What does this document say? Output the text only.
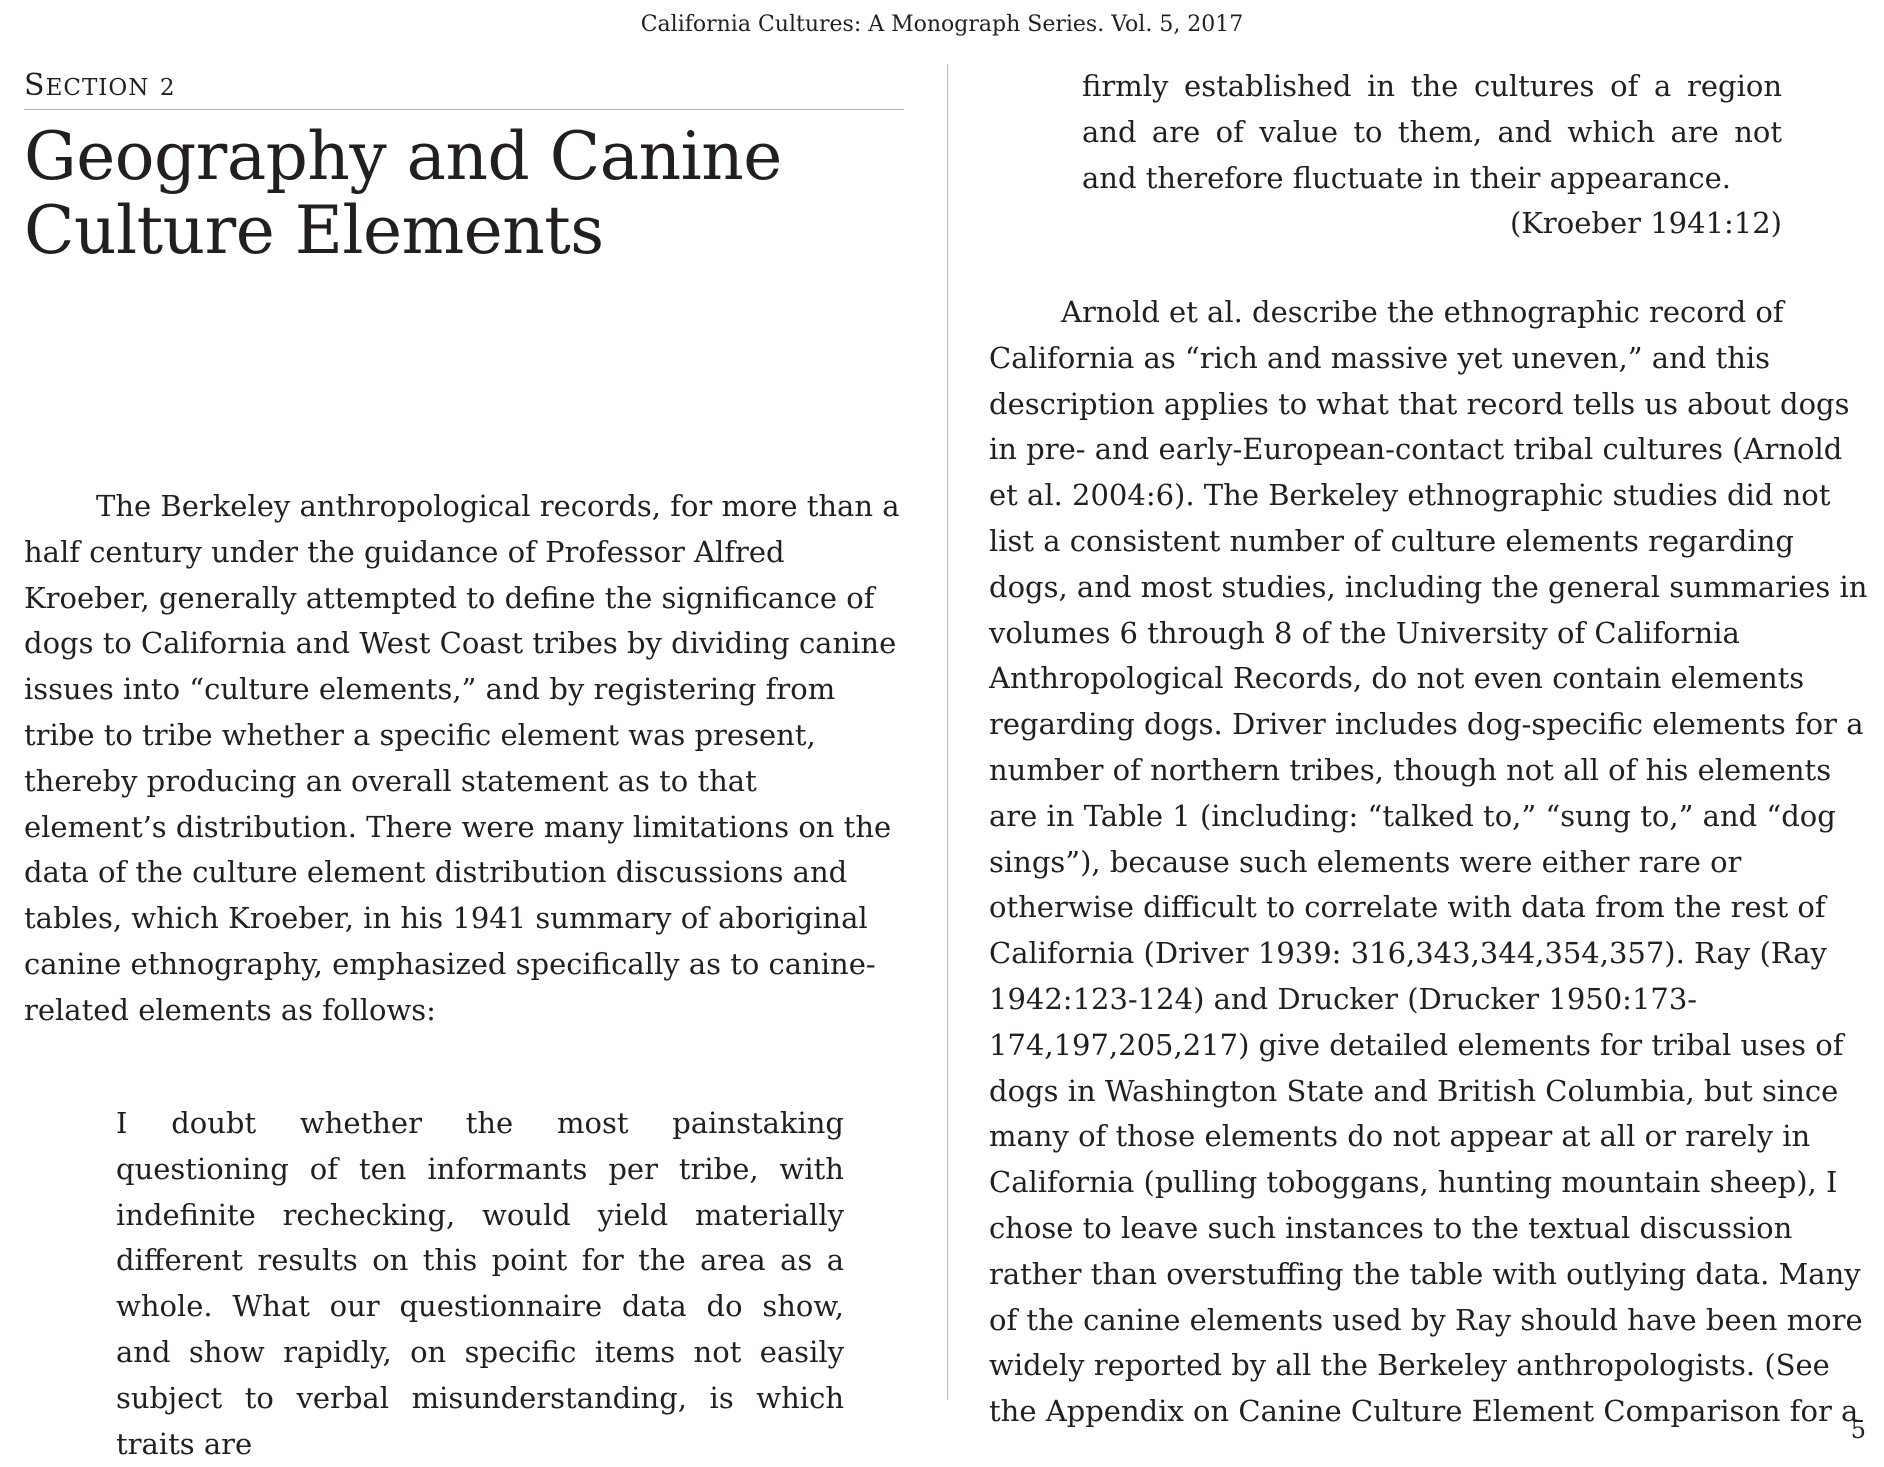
California Cultures: A Monograph Series. Vol. 5, 2017
SECTION 2
Geography and Canine Culture Elements

The Berkeley anthropological records, for more than a half century under the guidance of Professor Alfred Kroeber, generally attempted to define the significance of dogs to California and West Coast tribes by dividing canine issues into “culture elements,” and by registering from tribe to tribe whether a specific element was present, thereby producing an overall statement as to that element’s distribution. There were many limitations on the data of the culture element distribution discussions and tables, which Kroeber, in his 1941 summary of aboriginal canine ethnography, emphasized specifically as to canine-related elements as follows:

I doubt whether the most painstaking questioning of ten informants per tribe, with indefinite rechecking, would yield materially different results on this point for the area as a whole. What our questionnaire data do show, and show rapidly, on specific items not easily subject to verbal misunderstanding, is which traits are

firmly established in the cultures of a region and are of value to them, and which are not and therefore fluctuate in their appearance.

(Kroeber 1941:12)

Arnold et al. describe the ethnographic record of California as “rich and massive yet uneven,” and this description applies to what that record tells us about dogs in pre- and early-European-contact tribal cultures (Arnold et al. 2004:6). The Berkeley ethnographic studies did not list a consistent number of culture elements regarding dogs, and most studies, including the general summaries in volumes 6 through 8 of the University of California Anthropological Records, do not even contain elements regarding dogs. Driver includes dog-specific elements for a number of northern tribes, though not all of his elements are in Table 1 (including: “talked to,” “sung to,” and “dog sings”), because such elements were either rare or otherwise difficult to correlate with data from the rest of California (Driver 1939: 316,343,344,354,357). Ray (Ray 1942:123-124) and Drucker (Drucker 1950:173-174,197,205,217) give detailed elements for tribal uses of dogs in Washington State and British Columbia, but since many of those elements do not appear at all or rarely in California (pulling toboggans, hunting mountain sheep), I chose to leave such instances to the textual discussion rather than overstuffing the table with outlying data. Many of the canine elements used by Ray should have been more widely reported by all the Berkeley anthropologists. (See the Appendix on Canine Culture Element Comparison for a

5
